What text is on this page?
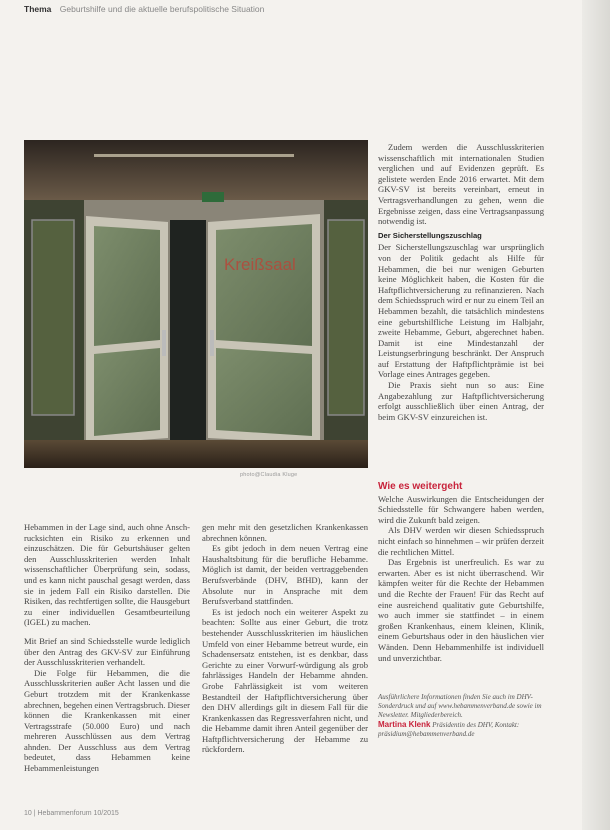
Thema Geburtshilfe und die aktuelle berufspolitische Situation
Kreißsaal
photo@Claudia Kluge

Hebammen in der Lage sind, auch ohne Ansch-rucksichten ein Risiko zu erkennen und einzuschätzen. Die für Geburtshäuser gelten den Ausschlusskriterien werden Inhalt wissenschaftlicher Überprüfung sein, sodass, und es kann nicht pauschal gesagt werden, dass sie in jedem Fall ein Risiko darstellen. Die Risiken, das rechtfertigen sollte, die Hausgeburt zu einer individuellen Gesamtbeurteilung (IGEL) zu machen.

Mit Brief an sind Schiedsstelle wurde lediglich über den Antrag des GKV-SV zur Einführung der Ausschlusskriterien verhandelt.

Die Folge für Hebammen, die die Ausschlusskriterien außer Acht lassen und die Geburt trotzdem mit der Krankenkasse abrechnen, begehen einen Vertragsbruch. Dieser können die Krankenkassen mit einer Vertragsstrafe (50.000 Euro) und nach mehreren Ausschlüssen aus dem Vertrag ahnden. Der Ausschluss aus dem Vertrag bedeutet, dass Hebammen keine Hebammenleistungen

gen mehr mit den gesetzlichen Krankenkassen abrechnen können.

Es gibt jedoch in dem neuen Vertrag eine Haushaltsbitung für die berufliche Hebamme. Möglich ist damit, der beiden vertraggebenden Berufsverbände (DHV, BfHD), kann der Absolute nur in Ansprache mit dem Berufsverband stattfinden.

Es ist jedoch noch ein weiterer Aspekt zu beachten: Sollte aus einer Geburt, die trotz bestehender Ausschlusskriterien im häuslichen Umfeld von einer Hebamme betreut wurde, ein Schadensersatz entstehen, ist es denkbar, dass Gerichte zu einer Vorwurf-würdigung als grob fahrlässiges Handeln der Hebamme ahnden. Grobe Fahrlässigkeit ist vom weiteren Bestandteil der Haftpflichtversicherung über den DHV allerdings gilt in diesem Fall für die Krankenkassen das Regressverfahren nicht, und die Hebamme damit ihren Anteil gegenüber der Haftpflichtversicherung der Hebamme zu rückfordern.

Zudem werden die Ausschlusskriterien wissenschaftlich mit internationalen Studien verglichen und auf Evidenzen geprüft. Es gelistete werden Ende 2016 erwartet. Mit dem GKV-SV ist bereits vereinbart, erneut in Vertragsverhandlungen zu gehen, wenn die Ergebnisse zeigen, dass eine Vertragsanpassung notwendig ist.

Der Sicherstellungszuschlag

Der Sicherstellungszuschlag war ursprünglich von der Politik gedacht als Hilfe für Hebammen, die bei nur wenigen Geburten keine Möglichkeit haben, die Kosten für die Haftpflichtversicherung zu refinanzieren. Nach dem Schiedsspruch wird er nur zu einem Teil an Hebammen bezahlt, die tatsächlich mindestens eine geburtshilfliche Leistung im Halbjahr, zweite Hebamme, Geburt, abgerechnet haben. Damit ist eine Mindestanzahl der Leistungserbringung beschränkt. Der Anspruch auf Erstattung der Haftpflichtprämie ist bei Vorlage eines Antrages gegeben.

Die Praxis sieht nun so aus: Eine Angabezahlung zur Haftpflichtversicherung erfolgt ausschließlich über einen Antrag, der beim GKV-SV einzureichen ist.

Wie es weitergeht

Welche Auswirkungen die Entscheidungen der Schiedsstelle für Schwangere haben werden, wird die Zukunft bald zeigen.

Als DHV werden wir diesen Schiedsspruch nicht einfach so hinnehmen – wir prüfen derzeit die rechtlichen Mittel.

Das Ergebnis ist unerfreulich. Es war zu erwarten. Aber es ist nicht überraschend. Wir kämpfen weiter für die Rechte der Hebammen und die Rechte der Frauen! Für das Recht auf eine ausreichend qualitativ gute Geburtshilfe, wo auch immer sie stattfindet – in einem großen Krankenhaus, einem kleinen, Klinik, einem Geburtshaus oder in den häuslichen vier Wänden. Denn Hebammenhilfe ist individuell und unverzichtbar.

Ausführlichere Informationen finden Sie auch im DHV-Sonderdruck und auf www.hebammenverband.de sowie im Newsletter. Mitgliederbereich.
Martina Klenk Präsidentin des DHV, Kontakt: präsidium@hebammenverband.de
10 | Hebammenforum 10/2015
